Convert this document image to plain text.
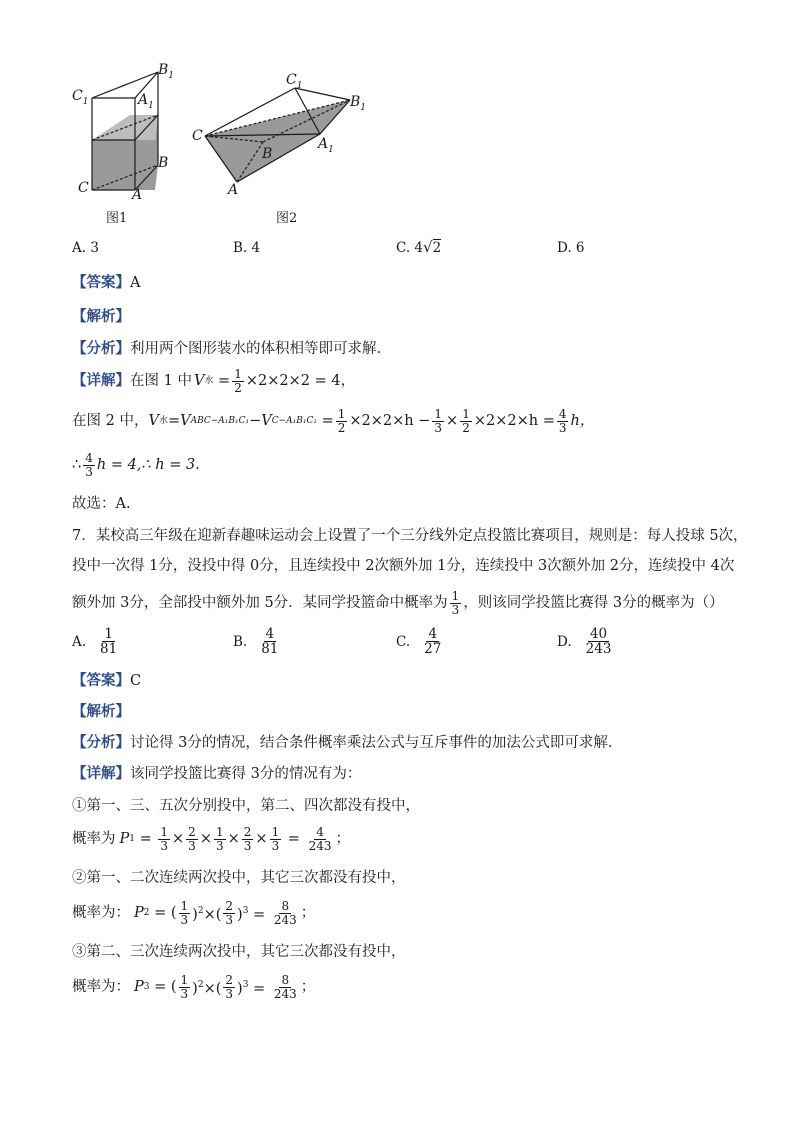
$B_1$
$C_1$	$A_1$
B
C	A
图1
$C_1$
$B_1$
C
B
$A_1$
A
图2
A. 3	B. 4	C. 4√2	D. 6
【答案】A
【解析】
【分析】利用两个图形装水的体积相等即可求解.
【详解】 在图 1 中 V 水 = $\frac{1}{2} \times 2\times 2\times 2 = 4$，
在图 2 中， V 水 =V ABC−A₁B₁C₁ −V $C-A_1B_1C_1 = \frac{1}{2} \times 2\times 2\times h - \frac{1}{3} \times \frac{1}{2} \times 2\times 2\times h = \frac{4}{3}$ h，
∴ $\frac{4}{3}$ h = 4,∴ h = 3.
故选：A.
7．某校高三年级在迎新春趣味运动会上设置了一个三分线外定点投篮比赛项目，规则是：每人投球 5次，
投中一次得 1分，没投中得 0分，且连续投中 2次额外加 1分，连续投中 3次额外加 2分，连续投中 4次
额外加 3分，全部投中额外加 5分．某同学投篮命中概率为 $\frac{1}{3}$ ，则该同学投篮比赛得 3分的概率为（）
A. $\frac{1}{81}$	B. $\frac{4}{81}$	C. $\frac{4}{27}$	D. $\frac{40}{243}$
【答案】C
【解析】
【分析】讨论得 3分的情况，结合条件概率乘法公式与互斥事件的加法公式即可求解．
【详解】该同学投篮比赛得 3分的情况有为：
①第一、三、五次分别投中，第二、四次都没有投中，
概率为 P $1 = \frac{1}{3} \times \frac{2}{3} \times \frac{1}{3} \times \frac{2}{3} \times \frac{1}{3} = \frac{4}{243}$ ；
②第一、二次连续两次投中，其它三次都没有投中，
概率为： P 2 = ( $\frac{1}{3} )^2\times( \frac{2}{3} )^3 = \frac{8}{243}$ ；
③第二、三次连续两次投中，其它三次都没有投中，
概率为： P 3 = ( $\frac{1}{3} )^2\times( \frac{2}{3} )^3 = \frac{8}{243}$ ；
